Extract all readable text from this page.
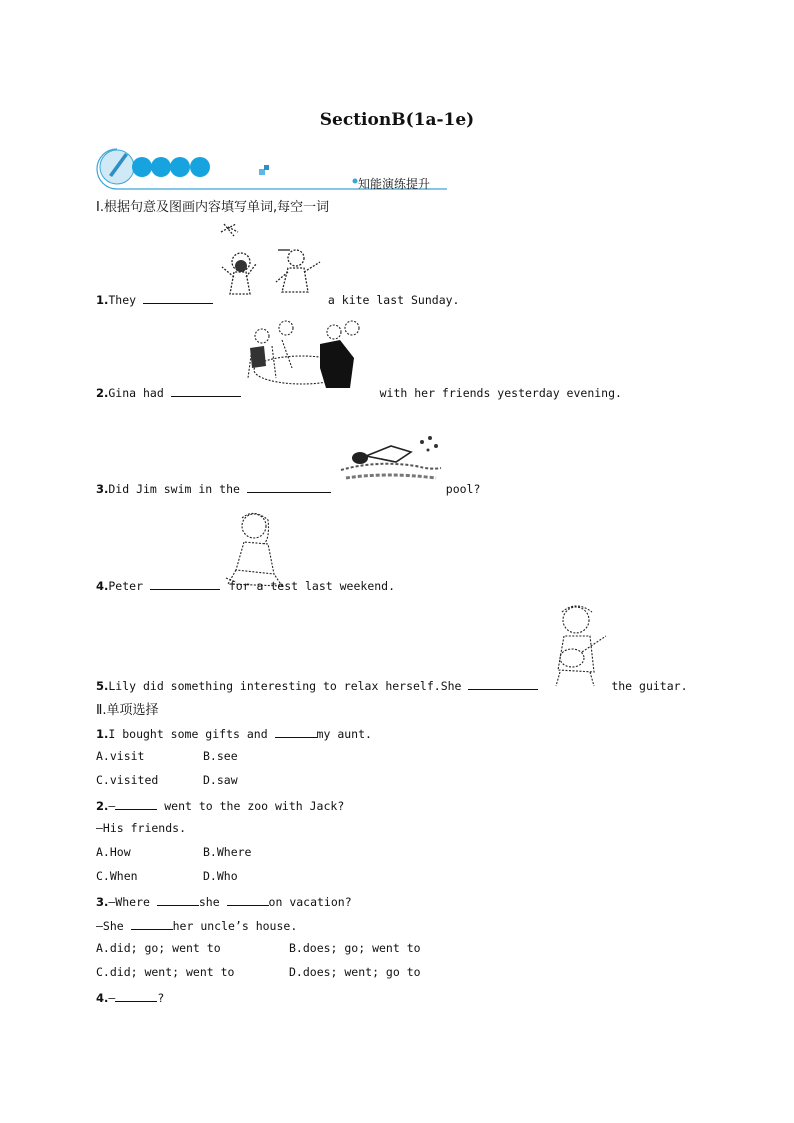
SectionB(1a-1e)
知能演练提升
Ⅰ.根据句意及图画内容填写单词,每空一词
1.They	a kite last Sunday.
2.Gina had	with her friends yesterday evening.
3.Did Jim swim in the	pool?
4.Peter	for a test last weekend.
5.Lily did something interesting to relax herself.She	the guitar.
Ⅱ.单项选择
1.I bought some gifts and	my aunt.
A.visit	B.see
C.visited	D.saw
2.—	went to the zoo with Jack?
—His friends.
A.How	B.Where
C.When	D.Who
3.—Where	she	on vacation?
—She	her uncle’s house.
A.did; go; went to	B.does; go; went to
C.did; went; went to	D.does; went; go to
4.—	?
